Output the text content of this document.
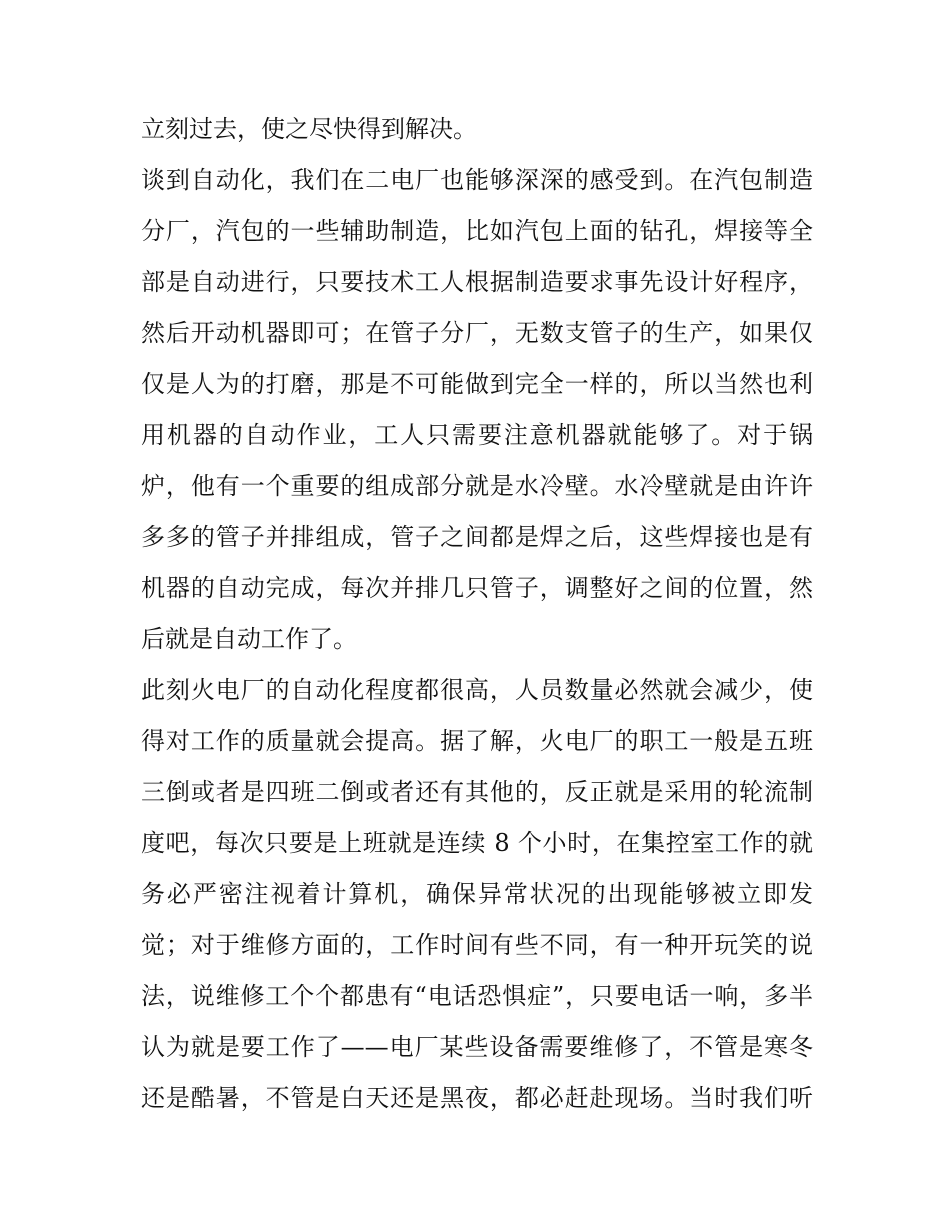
立刻过去，使之尽快得到解决。
谈到自动化，我们在二电厂也能够深深的感受到。在汽包制造
分厂，汽包的一些辅助制造，比如汽包上面的钻孔，焊接等全
部是自动进行，只要技术工人根据制造要求事先设计好程序，
然后开动机器即可；在管子分厂，无数支管子的生产，如果仅
仅是人为的打磨，那是不可能做到完全一样的，所以当然也利
用机器的自动作业，工人只需要注意机器就能够了。对于锅
炉，他有一个重要的组成部分就是水冷壁。水冷壁就是由许许
多多的管子并排组成，管子之间都是焊之后，这些焊接也是有
机器的自动完成，每次并排几只管子，调整好之间的位置，然
后就是自动工作了。
此刻火电厂的自动化程度都很高，人员数量必然就会减少，使
得对工作的质量就会提高。据了解，火电厂的职工一般是五班
三倒或者是四班二倒或者还有其他的，反正就是采用的轮流制
度吧，每次只要是上班就是连续 8 个小时，在集控室工作的就
务必严密注视着计算机，确保异常状况的出现能够被立即发
觉；对于维修方面的，工作时间有些不同，有一种开玩笑的说
法，说维修工个个都患有“电话恐惧症”，只要电话一响，多半
认为就是要工作了——电厂某些设备需要维修了，不管是寒冬
还是酷暑，不管是白天还是黑夜，都必赶赴现场。当时我们听
